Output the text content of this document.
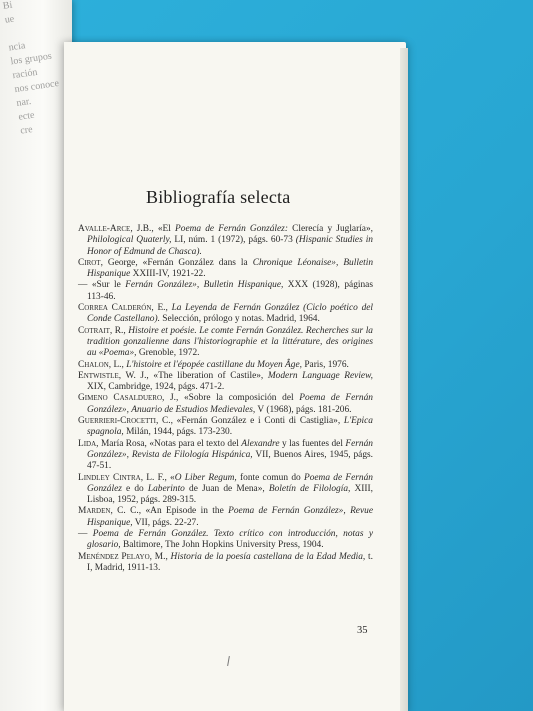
Bi
ue
ncia
los grupos
ración
nos conoce
nar.
ecte
cre
Bibliografía selecta

Avalle-Arce, J.B., «El Poema de Fernán González: Clerecía y Juglaría», Philological Quaterly, LI, núm. 1 (1972), págs. 60-73 (Hispanic Studies in Honor of Edmund de Chasca).

Cirot, George, «Fernán González dans la Chronique Léonaise», Bulletin Hispanique XXIII-IV, 1921-22.

— «Sur le Fernán González», Bulletin Hispanique, XXX (1928), páginas 113-46.

Correa Calderón, E., La Leyenda de Fernán González (Ciclo poético del Conde Castellano). Selección, prólogo y notas. Madrid, 1964.

Cotrait, R., Histoire et poésie. Le comte Fernán González. Recherches sur la tradition gonzalienne dans l'historiographie et la littérature, des origines au «Poema», Grenoble, 1972.

Chalon, L., L'histoire et l'épopée castillane du Moyen Âge, Paris, 1976.

Entwistle, W. J., «The liberation of Castile», Modern Language Review, XIX, Cambridge, 1924, págs. 471-2.

Gimeno Casalduero, J., «Sobre la composición del Poema de Fernán González», Anuario de Estudios Medievales, V (1968), págs. 181-206.

Guerrieri-Crocetti, C., «Fernán González e i Conti di Castiglia», L'Epica spagnola, Milán, 1944, págs. 173-230.

Lida, María Rosa, «Notas para el texto del Alexandre y las fuentes del Fernán González», Revista de Filología Hispánica, VII, Buenos Aires, 1945, págs. 47-51.

Lindley Cintra, L. F., «O Liber Regum, fonte comun do Poema de Fernán González e do Laberinto de Juan de Mena», Boletín de Filología, XIII, Lisboa, 1952, págs. 289-315.

Marden, C. C., «An Episode in the Poema de Fernán González», Revue Hispanique, VII, págs. 22-27.

— Poema de Fernán González. Texto crítico con introducción, notas y glosario, Baltimore, The John Hopkins University Press, 1904.

Menéndez Pelayo, M., Historia de la poesía castellana de la Edad Media, t. I, Madrid, 1911-13.

35
